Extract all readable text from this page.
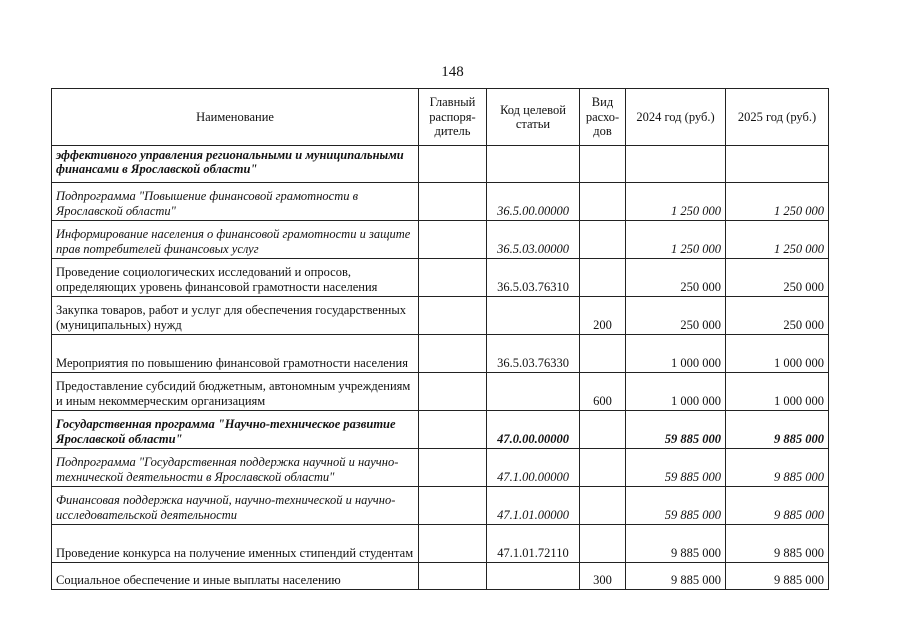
148
Наименование	Главный распоря-дитель	Код целевой статьи	Вид расхо-дов	2024 год (руб.)	2025 год (руб.)
эффективного управления региональными и муниципальными финансами в Ярославской области"					
Подпрограмма "Повышение финансовой грамотности в Ярославской области"		36.5.00.00000		1 250 000	1 250 000
Информирование населения о финансовой грамотности и защите прав потребителей финансовых услуг		36.5.03.00000		1 250 000	1 250 000
Проведение социологических исследований и опросов, определяющих уровень финансовой грамотности населения		36.5.03.76310		250 000	250 000
Закупка товаров, работ и услуг для обеспечения государственных (муниципальных) нужд			200	250 000	250 000
Мероприятия по повышению финансовой грамотности населения		36.5.03.76330		1 000 000	1 000 000
Предоставление субсидий бюджетным, автономным учреждениям и иным некоммерческим организациям			600	1 000 000	1 000 000
Государственная программа "Научно-техническое развитие Ярославской области"		47.0.00.00000		59 885 000	9 885 000
Подпрограмма "Государственная поддержка научной и научно-технической деятельности в Ярославской области"		47.1.00.00000		59 885 000	9 885 000
Финансовая поддержка научной, научно-технической и научно-исследовательской деятельности		47.1.01.00000		59 885 000	9 885 000
Проведение конкурса на получение именных стипендий студентам		47.1.01.72110		9 885 000	9 885 000
Социальное обеспечение и иные выплаты населению			300	9 885 000	9 885 000
